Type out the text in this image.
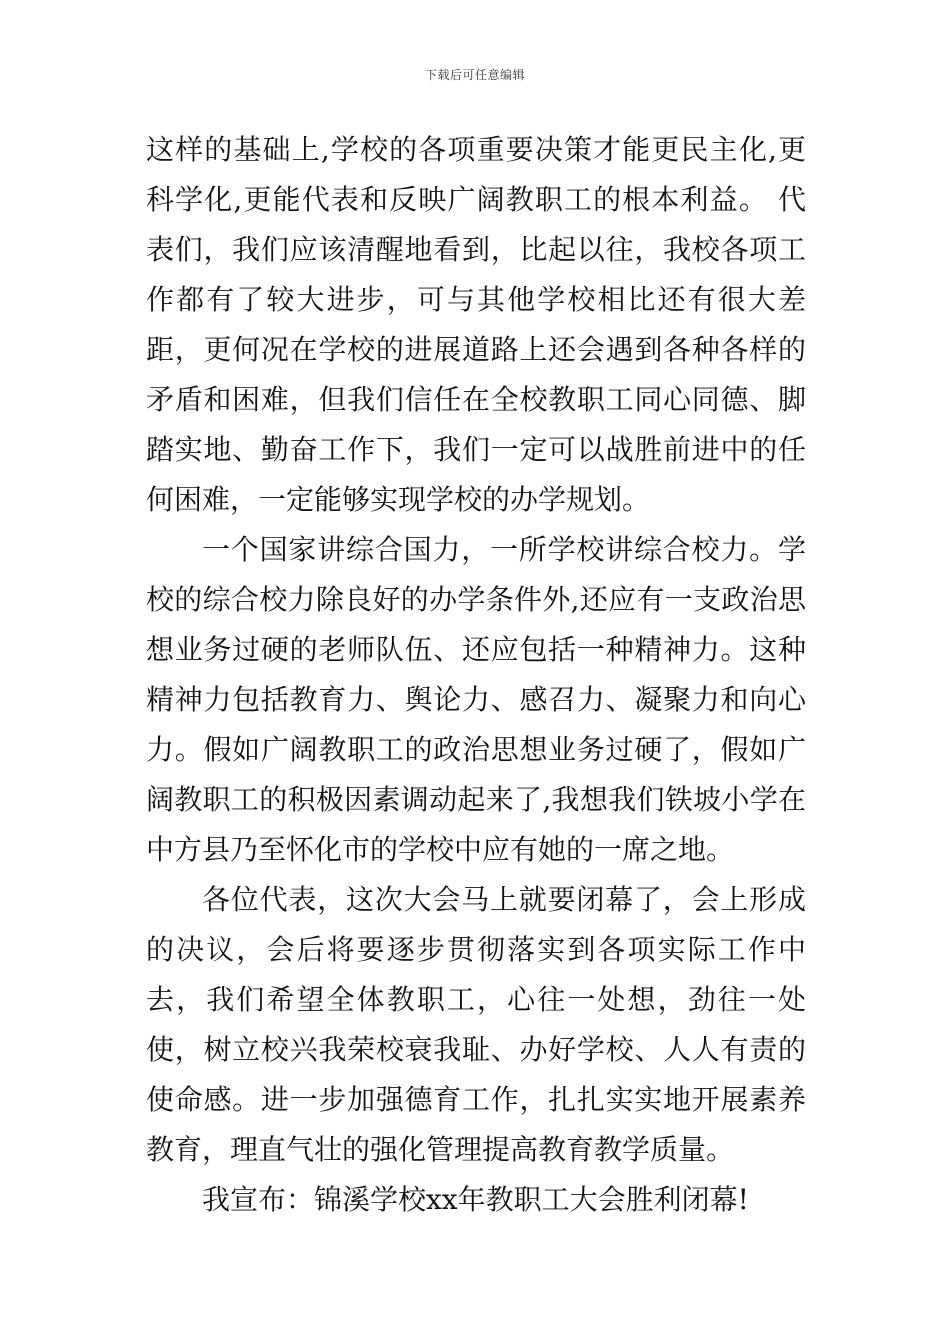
下载后可任意编辑

这样的基础上,学校的各项重要决策才能更民主化,更科学化,更能代表和反映广阔教职工的根本利益。 代表们，我们应该清醒地看到，比起以往，我校各项工作都有了较大进步，可与其他学校相比还有很大差距，更何况在学校的进展道路上还会遇到各种各样的矛盾和困难，但我们信任在全校教职工同心同德、脚踏实地、勤奋工作下，我们一定可以战胜前进中的任何困难，一定能够实现学校的办学规划。

一个国家讲综合国力，一所学校讲综合校力。学校的综合校力除良好的办学条件外,还应有一支政治思想业务过硬的老师队伍、还应包括一种精神力。这种精神力包括教育力、舆论力、感召力、凝聚力和向心力。假如广阔教职工的政治思想业务过硬了，假如广阔教职工的积极因素调动起来了,我想我们铁坡小学在中方县乃至怀化市的学校中应有她的一席之地。

各位代表，这次大会马上就要闭幕了，会上形成的决议，会后将要逐步贯彻落实到各项实际工作中去，我们希望全体教职工，心往一处想，劲往一处使，树立校兴我荣校衰我耻、办好学校、人人有责的使命感。进一步加强德育工作，扎扎实实地开展素养教育，理直气壮的强化管理提高教育教学质量。

我宣布：锦溪学校xx年教职工大会胜利闭幕!
